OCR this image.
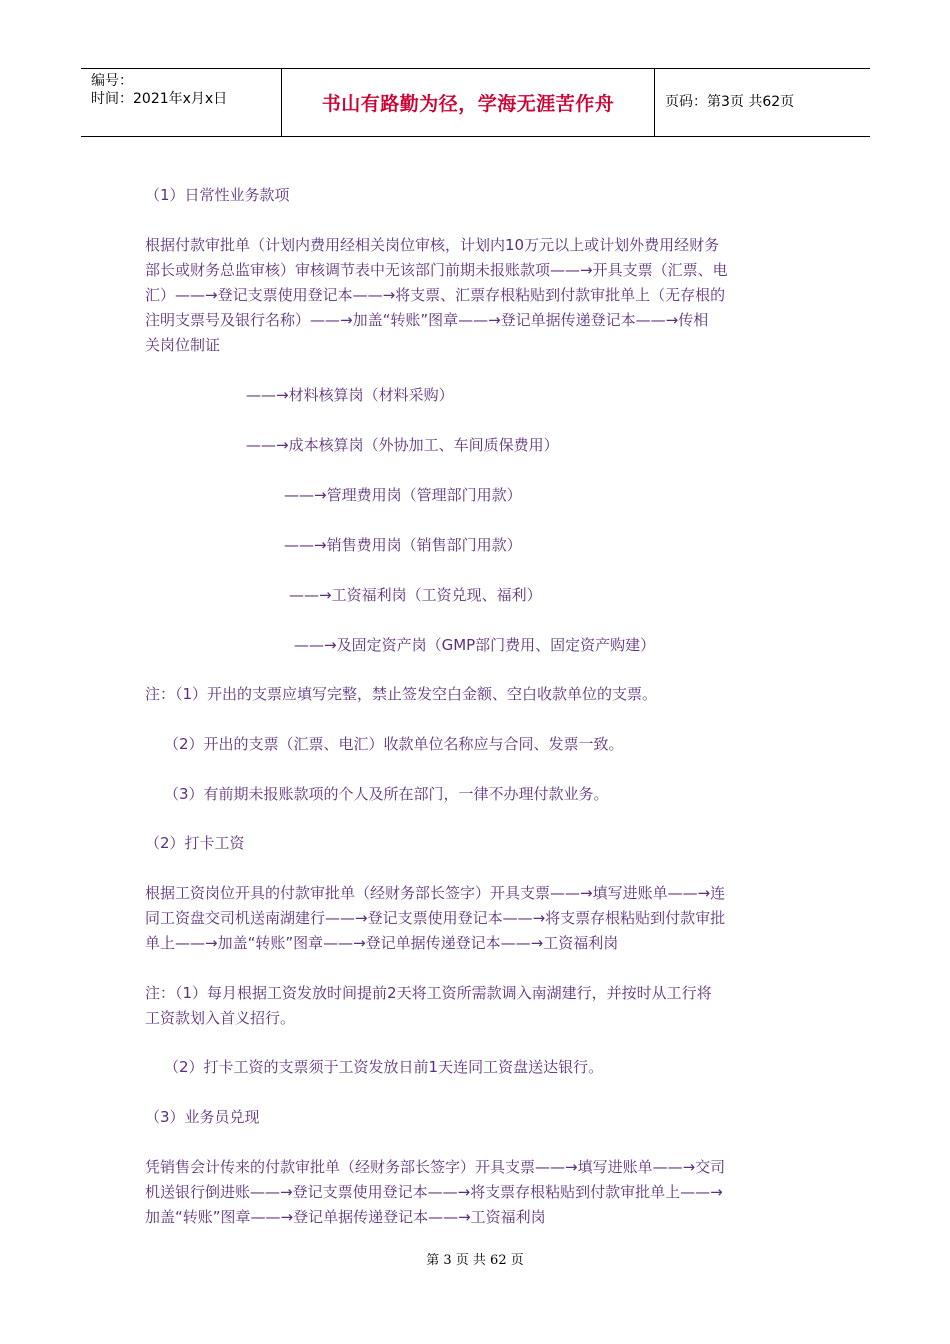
编号：
时间：2021年x月x日	书山有路勤为径，学海无涯苦作舟	页码：第3页 共62页
（1）日常性业务款项
根据付款审批单（计划内费用经相关岗位审核，计划内10万元以上或计划外费用经财务
部长或财务总监审核）审核调节表中无该部门前期未报账款项——→开具支票（汇票、电
汇）——→登记支票使用登记本——→将支票、汇票存根粘贴到付款审批单上（无存根的
注明支票号及银行名称）——→加盖“转账”图章——→登记单据传递登记本——→传相
关岗位制证
——→材料核算岗（材料采购）
——→成本核算岗（外协加工、车间质保费用）
——→管理费用岗（管理部门用款）
——→销售费用岗（销售部门用款）
——→工资福利岗（工资兑现、福利）
——→及固定资产岗（GMP部门费用、固定资产购建）
注：（1）开出的支票应填写完整，禁止签发空白金额、空白收款单位的支票。
（2）开出的支票（汇票、电汇）收款单位名称应与合同、发票一致。
（3）有前期未报账款项的个人及所在部门，一律不办理付款业务。
（2）打卡工资
根据工资岗位开具的付款审批单（经财务部长签字）开具支票——→填写进账单——→连
同工资盘交司机送南湖建行——→登记支票使用登记本——→将支票存根粘贴到付款审批
单上——→加盖“转账”图章——→登记单据传递登记本——→工资福利岗
注：（1）每月根据工资发放时间提前2天将工资所需款调入南湖建行，并按时从工行将
工资款划入首义招行。
（2）打卡工资的支票须于工资发放日前1天连同工资盘送达银行。
（3）业务员兑现
凭销售会计传来的付款审批单（经财务部长签字）开具支票——→填写进账单——→交司
机送银行倒进账——→登记支票使用登记本——→将支票存根粘贴到付款审批单上——→
加盖“转账”图章——→登记单据传递登记本——→工资福利岗
第 3 页 共 62 页
